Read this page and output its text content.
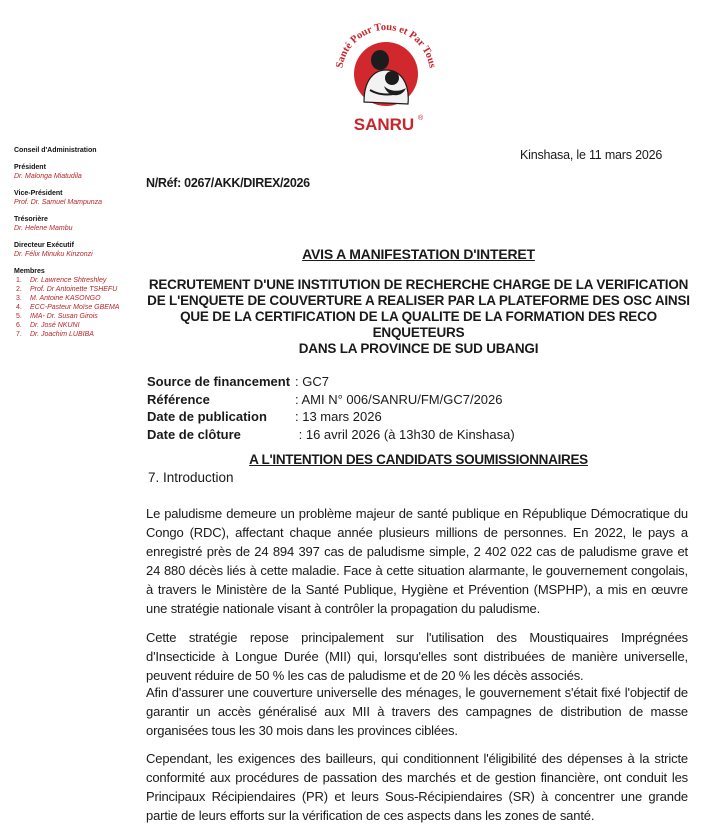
Santé Pour Tous et Par Tous
SANRU ®
Conseil d'Administration
Président
Dr. Malonga Miatudila
Vice-Président
Prof. Dr. Samuel Mampunza
Trésorière
Dr. Helene Mambu
Directeur Exécutif
Dr. Félix Minuku Kinzonzi
Membres
1. Dr. Lawrence Shtreshley
2. Prof. Dr Antoinette TSHEFU
3. M. Antoine KASONGO
4. ECC-Pasteur Moïse GBEMA
5. IMA- Dr. Susan Girois
6. Dr. José NKUNI
7. Dr. Joachim LUBIBA
Kinshasa, le 11 mars 2026
N/Réf: 0267/AKK/DIREX/2026
AVIS A MANIFESTATION D'INTERET
RECRUTEMENT D'UNE INSTITUTION DE RECHERCHE CHARGE DE LA VERIFICATION
DE L'ENQUETE DE COUVERTURE A REALISER PAR LA PLATEFORME DES OSC AINSI
QUE DE LA CERTIFICATION DE LA QUALITE DE LA FORMATION DES RECO
ENQUETEURS
DANS LA PROVINCE DE SUD UBANGI
Source de financement : GC7
Référence	: AMI N° 006/SANRU/FM/GC7/2026
Date de publication	: 13 mars 2026
Date de clôture	: 16 avril 2026 (à 13h30 de Kinshasa)
A L'INTENTION DES CANDIDATS SOUMISSIONNAIRES
7. Introduction

Le paludisme demeure un problème majeur de santé publique en République Démocratique du Congo (RDC), affectant chaque année plusieurs millions de personnes. En 2022, le pays a enregistré près de 24 894 397 cas de paludisme simple, 2 402 022 cas de paludisme grave et 24 880 décès liés à cette maladie. Face à cette situation alarmante, le gouvernement congolais, à travers le Ministère de la Santé Publique, Hygiène et Prévention (MSPHP), a mis en œuvre une stratégie nationale visant à contrôler la propagation du paludisme.

Cette stratégie repose principalement sur l'utilisation des Moustiquaires Imprégnées d'Insecticide à Longue Durée (MII) qui, lorsqu'elles sont distribuées de manière universelle, peuvent réduire de 50 % les cas de paludisme et de 20 % les décès associés.

Afin d'assurer une couverture universelle des ménages, le gouvernement s'était fixé l'objectif de garantir un accès généralisé aux MII à travers des campagnes de distribution de masse organisées tous les 30 mois dans les provinces ciblées.

Cependant, les exigences des bailleurs, qui conditionnent l'éligibilité des dépenses à la stricte conformité aux procédures de passation des marchés et de gestion financière, ont conduit les Principaux Récipiendaires (PR) et leurs Sous-Récipiendaires (SR) à concentrer une grande partie de leurs efforts sur la vérification de ces aspects dans les zones de santé.
